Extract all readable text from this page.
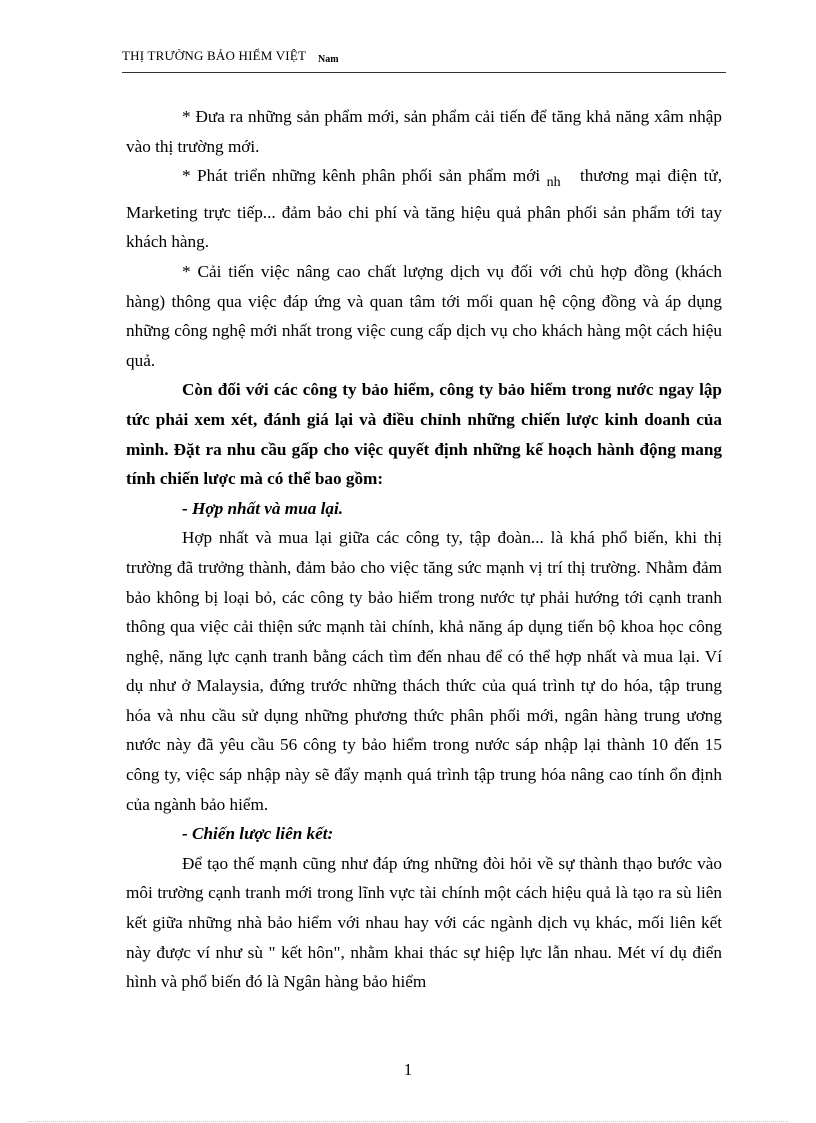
THỊ TRƯỜNG BẢO HIỂM VIỆT Nam

* Đưa ra những sản phẩm mới, sản phẩm cải tiến để tăng khả năng xâm nhập vào thị trường mới.

* Phát triển những kênh phân phối sản phẩm mới $_{nh}$ thương mại điện tử, Marketing trực tiếp... đảm bảo chi phí và tăng hiệu quả phân phối sản phẩm tới tay khách hàng.

* Cải tiến việc nâng cao chất lượng dịch vụ đối với chủ hợp đồng (khách hàng) thông qua việc đáp ứng và quan tâm tới mối quan hệ cộng đồng và áp dụng những công nghệ mới nhất trong việc cung cấp dịch vụ cho khách hàng một cách hiệu quả.

Còn đối với các công ty bảo hiểm, công ty bảo hiểm trong nước ngay lập tức phải xem xét, đánh giá lại và điều chỉnh những chiến lược kinh doanh của mình. Đặt ra nhu cầu gấp cho việc quyết định những kế hoạch hành động mang tính chiến lược mà có thể bao gồm:

- Hợp nhất và mua lại.

Hợp nhất và mua lại giữa các công ty, tập đoàn... là khá phổ biến, khi thị trường đã trưởng thành, đảm bảo cho việc tăng sức mạnh vị trí thị trường. Nhằm đảm bảo không bị loại bỏ, các công ty bảo hiểm trong nước tự phải hướng tới cạnh tranh thông qua việc cải thiện sức mạnh tài chính, khả năng áp dụng tiến bộ khoa học công nghệ, năng lực cạnh tranh bằng cách tìm đến nhau để có thể hợp nhất và mua lại. Ví dụ như ở Malaysia, đứng trước những thách thức của quá trình tự do hóa, tập trung hóa và nhu cầu sử dụng những phương thức phân phối mới, ngân hàng trung ương nước này đã yêu cầu 56 công ty bảo hiểm trong nước sáp nhập lại thành 10 đến 15 công ty, việc sáp nhập này sẽ đẩy mạnh quá trình tập trung hóa nâng cao tính ổn định của ngành bảo hiểm.

- Chiến lược liên kết:

Để tạo thế mạnh cũng như đáp ứng những đòi hỏi về sự thành thạo bước vào môi trường cạnh tranh mới trong lĩnh vực tài chính một cách hiệu quả là tạo ra sù liên kết giữa những nhà bảo hiểm với nhau hay với các ngành dịch vụ khác, mối liên kết này được ví như sù " kết hôn", nhằm khai thác sự hiệp lực lẫn nhau. Mét ví dụ điển hình và phổ biến đó là Ngân hàng bảo hiểm

1
